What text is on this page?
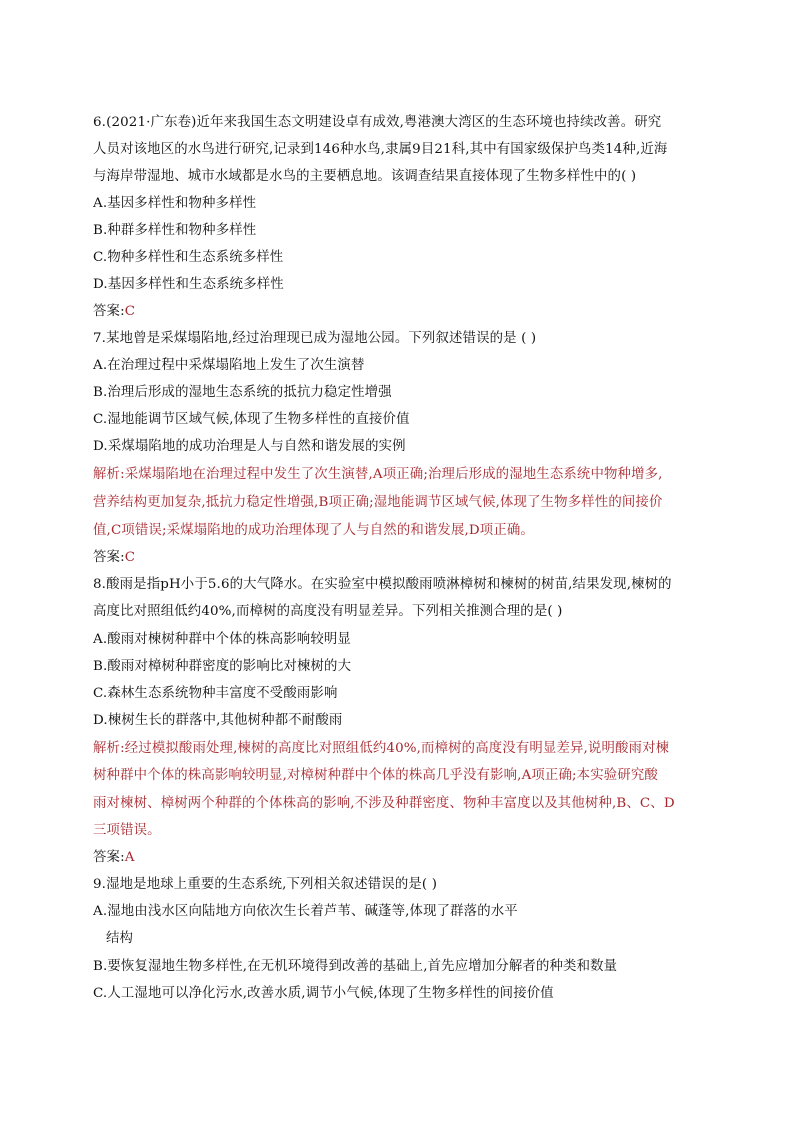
6.(2021·广东卷)近年来我国生态文明建设卓有成效,粤港澳大湾区的生态环境也持续改善。研究
人员对该地区的水鸟进行研究,记录到146种水鸟,隶属9目21科,其中有国家级保护鸟类14种,近海
与海岸带湿地、城市水域都是水鸟的主要栖息地。该调查结果直接体现了生物多样性中的( )
A.基因多样性和物种多样性
B.种群多样性和物种多样性
C.物种多样性和生态系统多样性
D.基因多样性和生态系统多样性
答案:C
7.某地曾是采煤塌陷地,经过治理现已成为湿地公园。下列叙述错误的是 ( )
A.在治理过程中采煤塌陷地上发生了次生演替
B.治理后形成的湿地生态系统的抵抗力稳定性增强
C.湿地能调节区域气候,体现了生物多样性的直接价值
D.采煤塌陷地的成功治理是人与自然和谐发展的实例
解析:采煤塌陷地在治理过程中发生了次生演替,A项正确;治理后形成的湿地生态系统中物种增多,
营养结构更加复杂,抵抗力稳定性增强,B项正确;湿地能调节区域气候,体现了生物多样性的间接价
值,C项错误;采煤塌陷地的成功治理体现了人与自然的和谐发展,D项正确。
答案:C
8.酸雨是指pH小于5.6的大气降水。在实验室中模拟酸雨喷淋樟树和楝树的树苗,结果发现,楝树的
高度比对照组低约40%,而樟树的高度没有明显差异。下列相关推测合理的是( )
A.酸雨对楝树种群中个体的株高影响较明显
B.酸雨对樟树种群密度的影响比对楝树的大
C.森林生态系统物种丰富度不受酸雨影响
D.楝树生长的群落中,其他树种都不耐酸雨
解析:经过模拟酸雨处理,楝树的高度比对照组低约40%,而樟树的高度没有明显差异,说明酸雨对楝
树种群中个体的株高影响较明显,对樟树种群中个体的株高几乎没有影响,A项正确;本实验研究酸
雨对楝树、樟树两个种群的个体株高的影响,不涉及种群密度、物种丰富度以及其他树种,B、C、D
三项错误。
答案:A
9.湿地是地球上重要的生态系统,下列相关叙述错误的是( )
A.湿地由浅水区向陆地方向依次生长着芦苇、碱蓬等,体现了群落的水平
结构
B.要恢复湿地生物多样性,在无机环境得到改善的基础上,首先应增加分解者的种类和数量
C.人工湿地可以净化污水,改善水质,调节小气候,体现了生物多样性的间接价值
